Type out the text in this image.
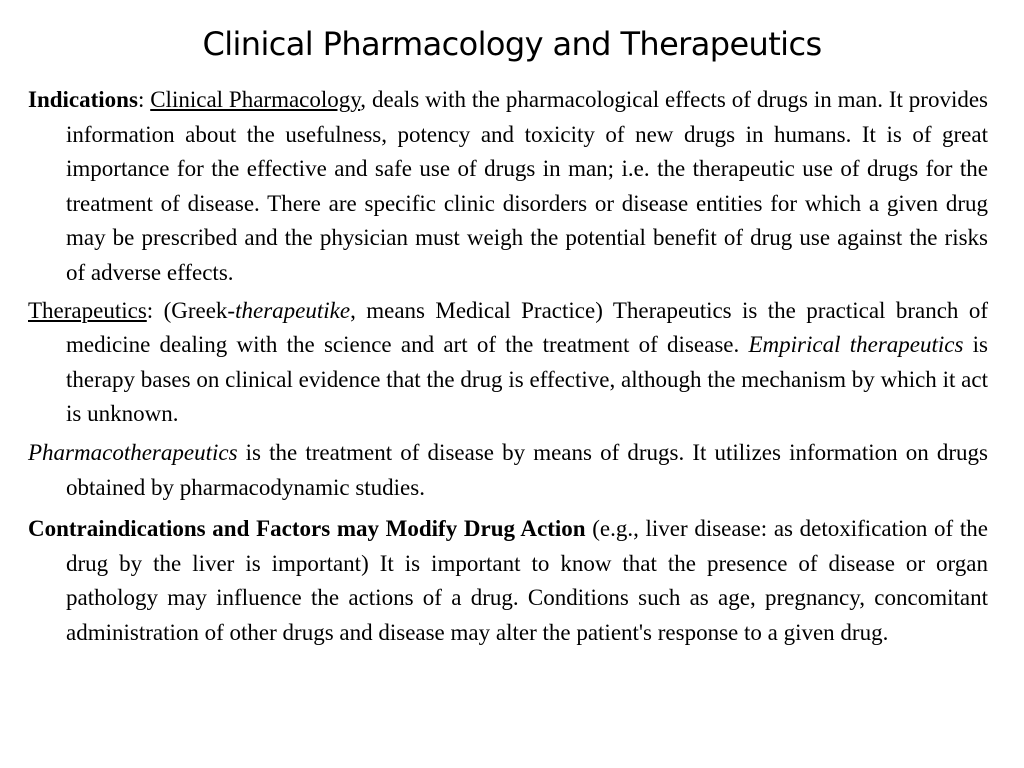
Clinical Pharmacology and Therapeutics

Indications: Clinical Pharmacology, deals with the pharmacological effects of drugs in man. It provides information about the usefulness, potency and toxicity of new drugs in humans. It is of great importance for the effective and safe use of drugs in man; i.e. the therapeutic use of drugs for the treatment of disease. There are specific clinic disorders or disease entities for which a given drug may be prescribed and the physician must weigh the potential benefit of drug use against the risks of adverse effects.

Therapeutics: (Greek-therapeutike, means Medical Practice) Therapeutics is the practical branch of medicine dealing with the science and art of the treatment of disease. Empirical therapeutics is therapy bases on clinical evidence that the drug is effective, although the mechanism by which it act is unknown.

Pharmacotherapeutics is the treatment of disease by means of drugs. It utilizes information on drugs obtained by pharmacodynamic studies.

Contraindications and Factors may Modify Drug Action (e.g., liver disease: as detoxification of the drug by the liver is important) It is important to know that the presence of disease or organ pathology may influence the actions of a drug. Conditions such as age, pregnancy, concomitant administration of other drugs and disease may alter the patient's response to a given drug.
